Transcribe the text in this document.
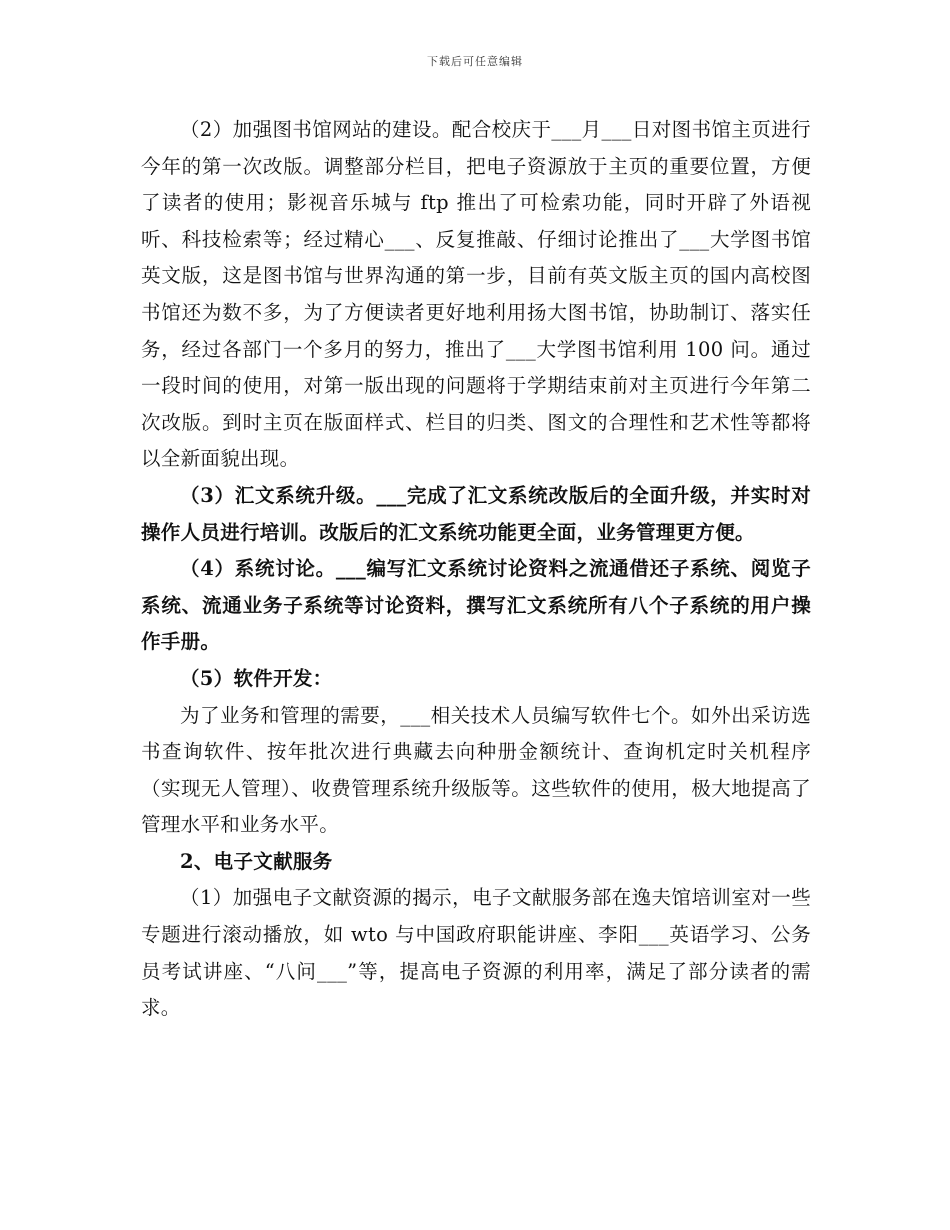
下载后可任意编辑

（2）加强图书馆网站的建设。配合校庆于___月___日对图书馆主页进行今年的第一次改版。调整部分栏目，把电子资源放于主页的重要位置，方便了读者的使用；影视音乐城与 ftp 推出了可检索功能，同时开辟了外语视听、科技检索等；经过精心___、反复推敲、仔细讨论推出了___大学图书馆英文版，这是图书馆与世界沟通的第一步，目前有英文版主页的国内高校图书馆还为数不多，为了方便读者更好地利用扬大图书馆，协助制订、落实任务，经过各部门一个多月的努力，推出了___大学图书馆利用 100 问。通过一段时间的使用，对第一版出现的问题将于学期结束前对主页进行今年第二次改版。到时主页在版面样式、栏目的归类、图文的合理性和艺术性等都将以全新面貌出现。

（3）汇文系统升级。___完成了汇文系统改版后的全面升级，并实时对操作人员进行培训。改版后的汇文系统功能更全面，业务管理更方便。

（4）系统讨论。___编写汇文系统讨论资料之流通借还子系统、阅览子系统、流通业务子系统等讨论资料，撰写汇文系统所有八个子系统的用户操作手册。

（5）软件开发：

为了业务和管理的需要，___相关技术人员编写软件七个。如外出采访选书查询软件、按年批次进行典藏去向种册金额统计、查询机定时关机程序（实现无人管理）、收费管理系统升级版等。这些软件的使用，极大地提高了管理水平和业务水平。

2、电子文献服务

（1）加强电子文献资源的揭示，电子文献服务部在逸夫馆培训室对一些专题进行滚动播放，如 wto 与中国政府职能讲座、李阳___英语学习、公务员考试讲座、“八问___”等，提高电子资源的利用率，满足了部分读者的需求。
